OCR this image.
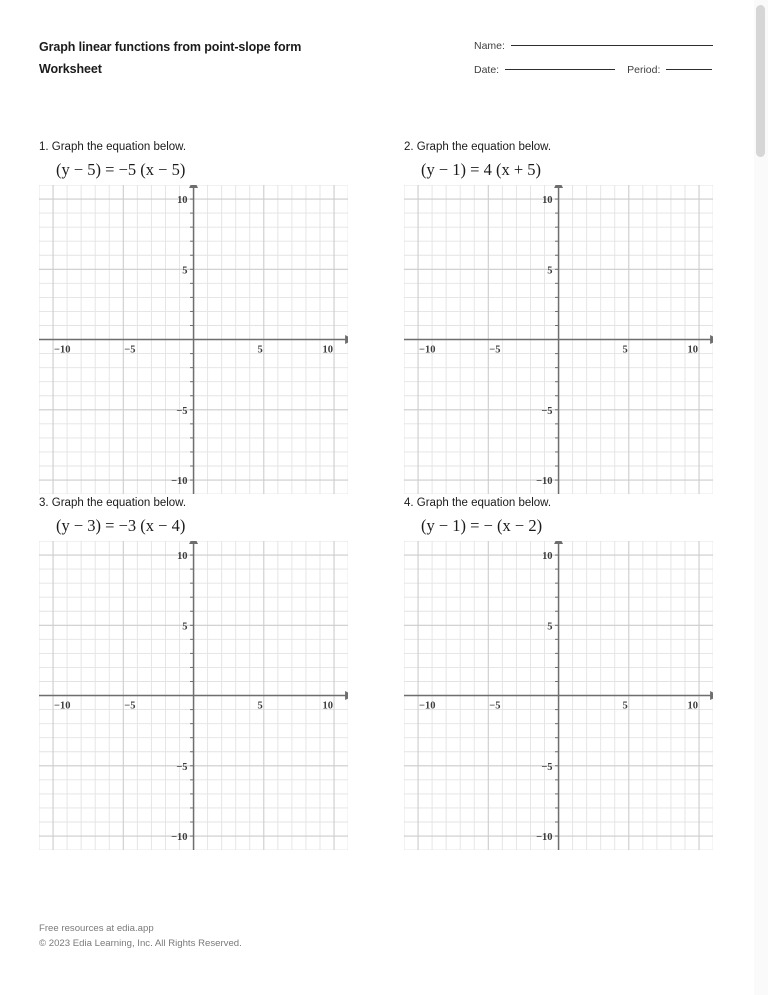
Graph linear functions from point-slope form
Worksheet
Name:
Date:	Period:
1. Graph the equation below.
(y − 5) = −5 (x − 5)
−10	−5	5	10
−10
−5
5
10
2. Graph the equation below.
(y − 1) = 4 (x + 5)
−10	−5	5	10
−10
−5
5
10
3. Graph the equation below.
(y − 3) = −3 (x − 4)
−10	−5	5	10
−10
−5
5
10
4. Graph the equation below.
(y − 1) = − (x − 2)
−10	−5	5	10
−10
−5
5
10
Free resources at edia.app
© 2023 Edia Learning, Inc. All Rights Reserved.
